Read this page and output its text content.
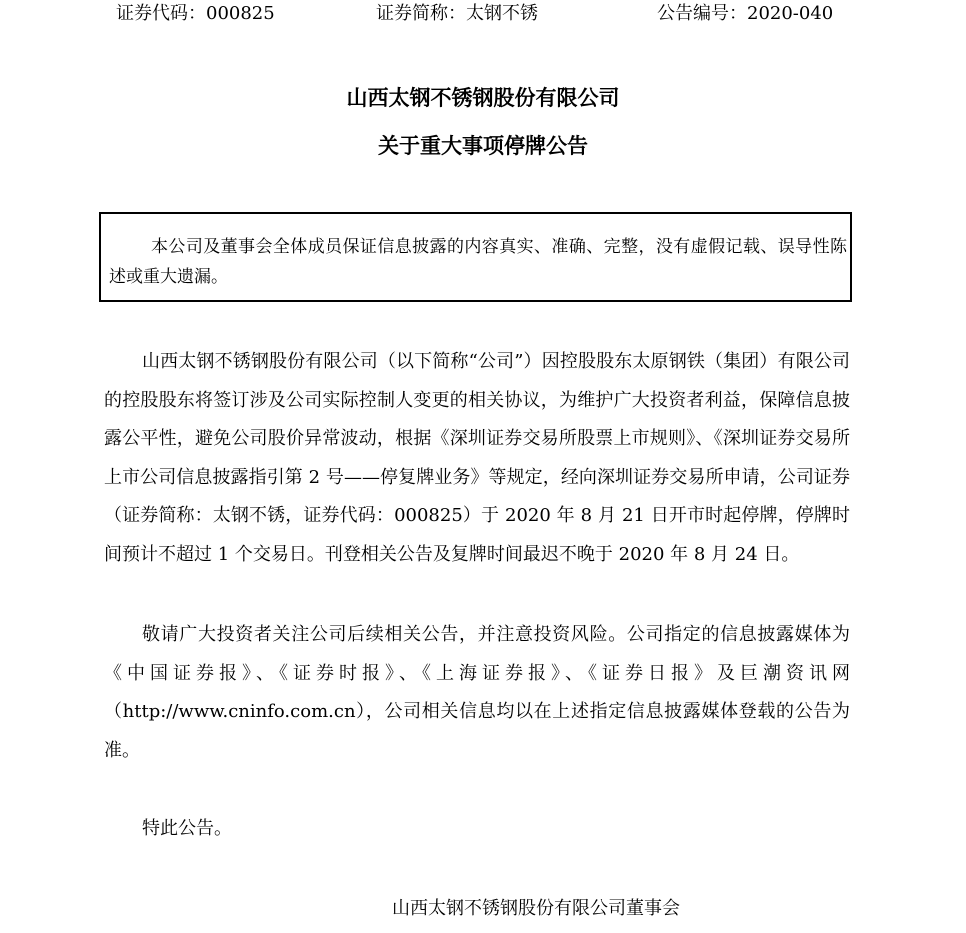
证券代码：000825	证券简称：太钢不锈	公告编号：2020-040
山西太钢不锈钢股份有限公司
关于重大事项停牌公告

本公司及董事会全体成员保证信息披露的内容真实、准确、完整，没有虚假记载、误导性陈述或重大遗漏。

山西太钢不锈钢股份有限公司（以下简称“公司”）因控股股东太原钢铁（集团）有限公司的控股股东将签订涉及公司实际控制人变更的相关协议，为维护广大投资者利益，保障信息披露公平性，避免公司股价异常波动，根据《深圳证券交易所股票上市规则》、《深圳证券交易所上市公司信息披露指引第 2 号——停复牌业务》等规定，经向深圳证券交易所申请，公司证券（证券简称：太钢不锈，证券代码：000825）于 2020 年 8 月 21 日开市时起停牌，停牌时间预计不超过 1 个交易日。刊登相关公告及复牌时间最迟不晚于 2020 年 8 月 24 日。

敬请广大投资者关注公司后续相关公告，并注意投资风险。公司指定的信息披露媒体为《中国证券报》、《证券时报》、《上海证券报》、《证券日报》及巨潮资讯网（http://www.cninfo.com.cn），公司相关信息均以在上述指定信息披露媒体登载的公告为准。

特此公告。
山西太钢不锈钢股份有限公司董事会
